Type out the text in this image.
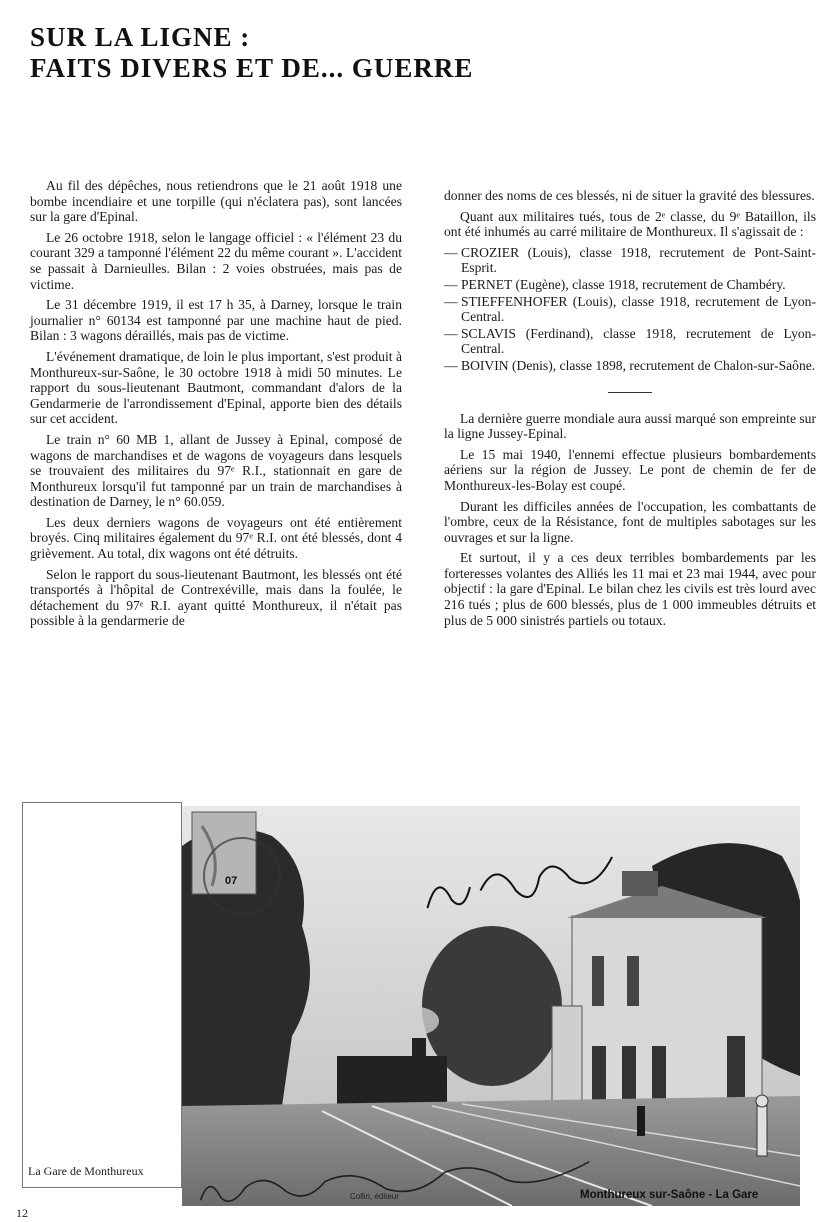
SUR LA LIGNE :
FAITS DIVERS ET DE... GUERRE

Au fil des dépêches, nous retiendrons que le 21 août 1918 une bombe incendiaire et une torpille (qui n'éclatera pas), sont lancées sur la gare d'Epinal.

Le 26 octobre 1918, selon le langage officiel : « l'élément 23 du courant 329 a tamponné l'élément 22 du même courant ». L'accident se passait à Darnieulles. Bilan : 2 voies obstruées, mais pas de victime.

Le 31 décembre 1919, il est 17 h 35, à Darney, lorsque le train journalier n° 60134 est tamponné par une machine haut de pied. Bilan : 3 wagons déraillés, mais pas de victime.

L'événement dramatique, de loin le plus important, s'est produit à Monthureux-sur-Saône, le 30 octobre 1918 à midi 50 minutes. Le rapport du sous-lieutenant Bautmont, commandant d'alors de la Gendarmerie de l'arrondissement d'Epinal, apporte bien des détails sur cet accident.

Le train n° 60 MB 1, allant de Jussey à Epinal, composé de wagons de marchandises et de wagons de voyageurs dans lesquels se trouvaient des militaires du 97ᵉ R.I., stationnait en gare de Monthureux lorsqu'il fut tamponné par un train de marchandises à destination de Darney, le n° 60.059.

Les deux derniers wagons de voyageurs ont été entièrement broyés. Cinq militaires également du 97ᵉ R.I. ont été blessés, dont 4 grièvement. Au total, dix wagons ont été détruits.

Selon le rapport du sous-lieutenant Bautmont, les blessés ont été transportés à l'hôpital de Contrexéville, mais dans la foulée, le détachement du 97ᵉ R.I. ayant quitté Monthureux, il n'était pas possible à la gendarmerie de

donner des noms de ces blessés, ni de situer la gravité des blessures.

Quant aux militaires tués, tous de 2ᵉ classe, du 9ᵉ Bataillon, ils ont été inhumés au carré militaire de Monthureux. Il s'agissait de :

— CROZIER (Louis), classe 1918, recrutement de Pont-Saint-Esprit.
— PERNET (Eugène), classe 1918, recrutement de Chambéry.
— STIEFFENHOFER (Louis), classe 1918, recrutement de Lyon-Central.
— SCLAVIS (Ferdinand), classe 1918, recrutement de Lyon-Central.
— BOIVIN (Denis), classe 1898, recrutement de Chalon-sur-Saône.

La dernière guerre mondiale aura aussi marqué son empreinte sur la ligne Jussey-Epinal.

Le 15 mai 1940, l'ennemi effectue plusieurs bombardements aériens sur la région de Jussey. Le pont de chemin de fer de Monthureux-les-Bolay est coupé.

Durant les difficiles années de l'occupation, les combattants de l'ombre, ceux de la Résistance, font de multiples sabotages sur les ouvrages et sur la ligne.

Et surtout, il y a ces deux terribles bombardements par les forteresses volantes des Alliés les 11 mai et 23 mai 1944, avec pour objectif : la gare d'Epinal. Le bilan chez les civils est très lourd avec 216 tués ; plus de 600 blessés, plus de 1 000 immeubles détruits et plus de 5 000 sinistrés partiels ou totaux.

La Gare de Monthureux
07
Collin, éditeur	Monthureux sur-Saône - La Gare
12
